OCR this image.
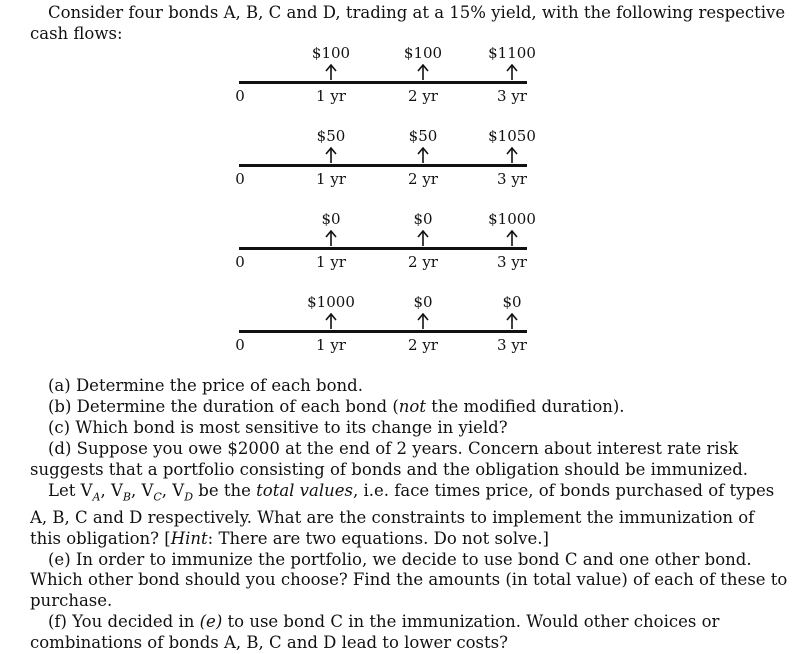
Consider four bonds A, B, C and D, trading at a 15% yield, with the following respective cash flows:
$100	$100	$1100
0	1 yr	2 yr	3 yr
$50	$50	$1050
0	1 yr	2 yr	3 yr
$0	$0	$1000
0	1 yr	2 yr	3 yr
$1000	$0	$0
0	1 yr	2 yr	3 yr

(a) Determine the price of each bond.

(b) Determine the duration of each bond (not the modified duration).

(c) Which bond is most sensitive to its change in yield?

(d) Suppose you owe $2000 at the end of 2 years. Concern about interest rate risk suggests that a portfolio consisting of bonds and the obligation should be immunized.

Let $V_A$, $V_B$, $V_C$, $V_D$ be the total values, i.e. face times price, of bonds purchased of types A, B, C and D respectively. What are the constraints to implement the immunization of this obligation? [Hint: There are two equations. Do not solve.]

(e) In order to immunize the portfolio, we decide to use bond C and one other bond. Which other bond should you choose? Find the amounts (in total value) of each of these to purchase.

(f) You decided in (e) to use bond C in the immunization. Would other choices or combinations of bonds A, B, C and D lead to lower costs?
